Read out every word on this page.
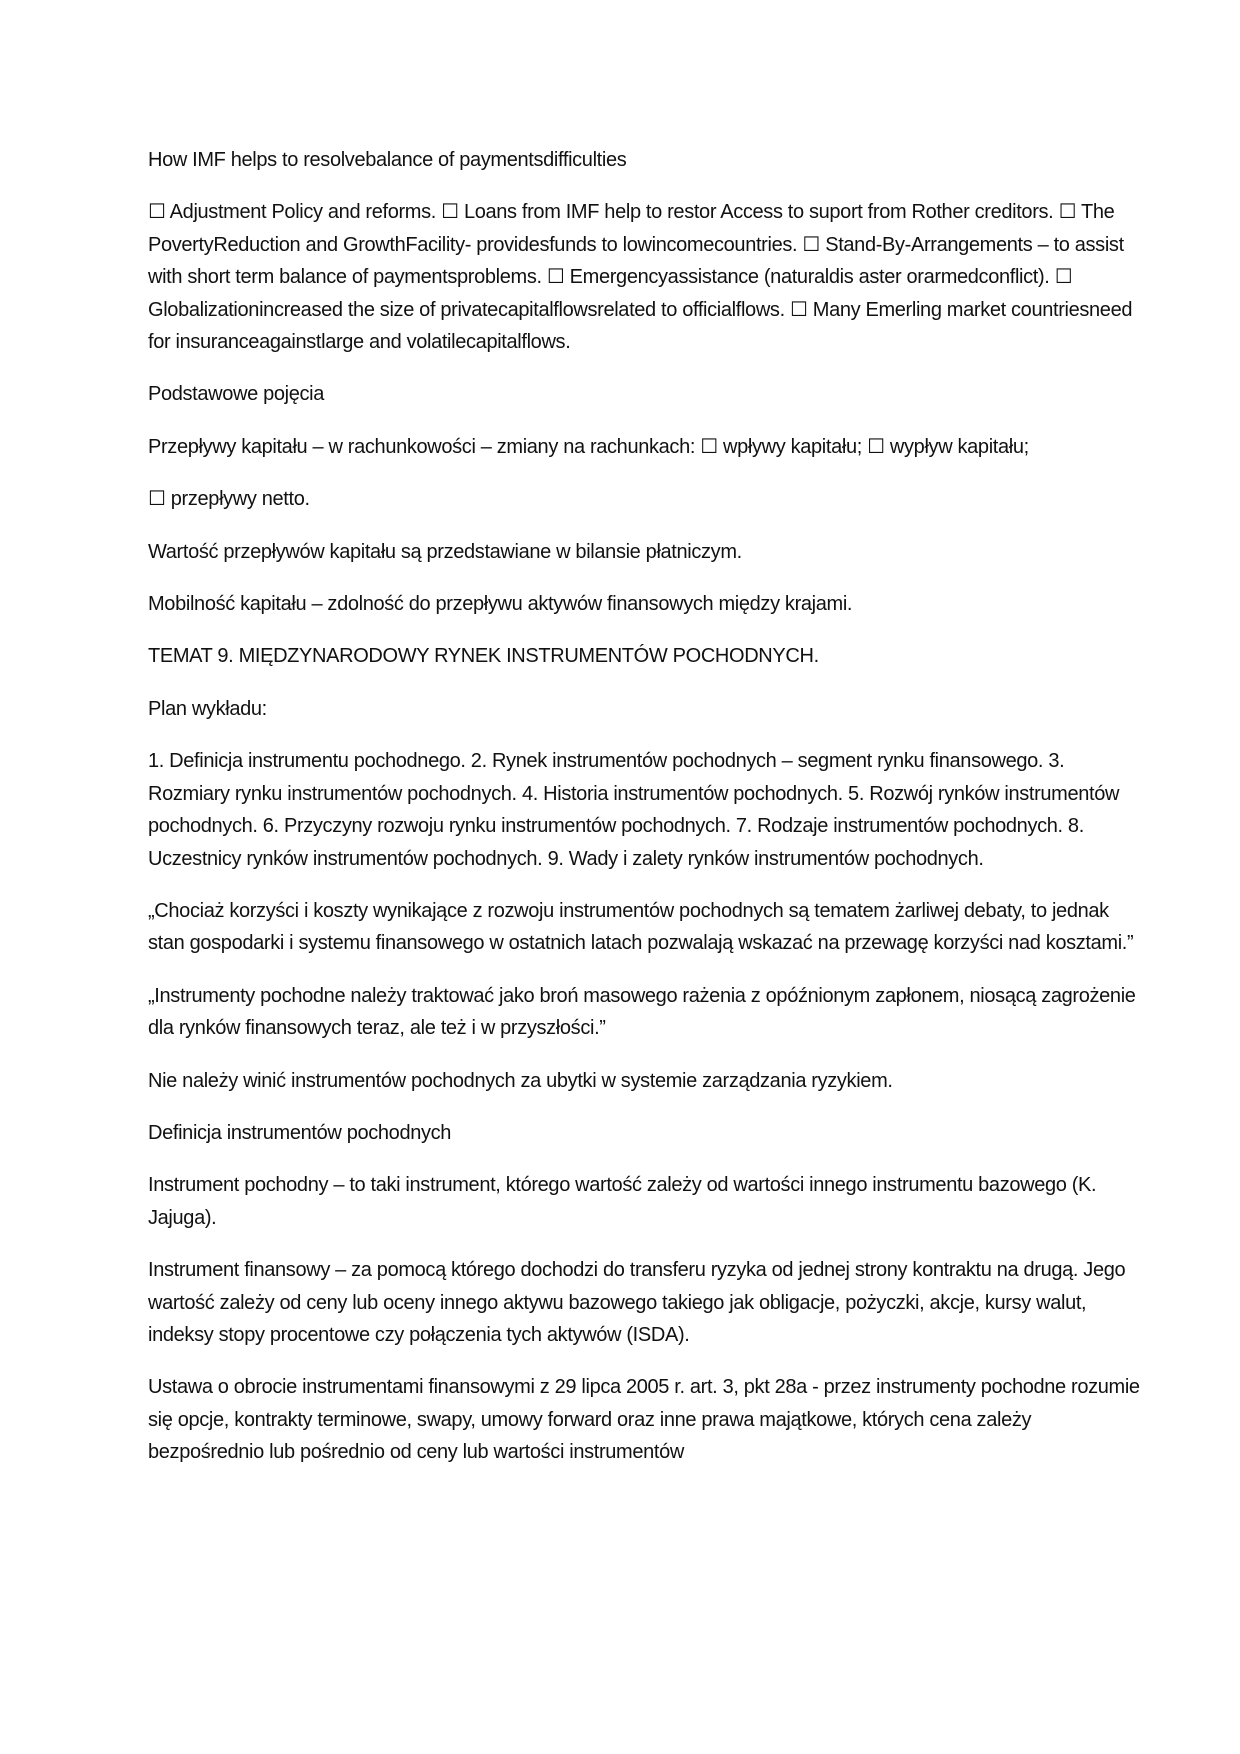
How IMF helps to resolvebalance of paymentsdifficulties

☐ Adjustment Policy and reforms. ☐ Loans from IMF help to restor Access to suport from Rother creditors. ☐ The PovertyReduction and GrowthFacility- providesfunds to lowincomecountries. ☐ Stand-By-Arrangements – to assist with short term balance of paymentsproblems. ☐ Emergencyassistance (naturaldis aster orarmedconflict). ☐ Globalizationincreased the size of privatecapitalflowsrelated to officialflows. ☐ Many Emerling market countriesneed for insuranceagainstlarge and volatilecapitalflows.

Podstawowe pojęcia

Przepływy kapitału – w rachunkowości – zmiany na rachunkach: ☐ wpływy kapitału; ☐ wypływ kapitału;

☐ przepływy netto.

Wartość przepływów kapitału są przedstawiane w bilansie płatniczym.

Mobilność kapitału – zdolność do przepływu aktywów finansowych między krajami.

TEMAT 9. MIĘDZYNARODOWY RYNEK INSTRUMENTÓW POCHODNYCH.

Plan wykładu:

1. Definicja instrumentu pochodnego. 2. Rynek instrumentów pochodnych – segment rynku finansowego. 3. Rozmiary rynku instrumentów pochodnych. 4. Historia instrumentów pochodnych. 5. Rozwój rynków instrumentów pochodnych. 6. Przyczyny rozwoju rynku instrumentów pochodnych. 7. Rodzaje instrumentów pochodnych. 8. Uczestnicy rynków instrumentów pochodnych. 9. Wady i zalety rynków instrumentów pochodnych.

„Chociaż korzyści i koszty wynikające z rozwoju instrumentów pochodnych są tematem żarliwej debaty, to jednak stan gospodarki i systemu finansowego w ostatnich latach pozwalają wskazać na przewagę korzyści nad kosztami.”

„Instrumenty pochodne należy traktować jako broń masowego rażenia z opóźnionym zapłonem, niosącą zagrożenie dla rynków finansowych teraz, ale też i w przyszłości.”

Nie należy winić instrumentów pochodnych za ubytki w systemie zarządzania ryzykiem.

Definicja instrumentów pochodnych

Instrument pochodny – to taki instrument, którego wartość zależy od wartości innego instrumentu bazowego (K. Jajuga).

Instrument finansowy – za pomocą którego dochodzi do transferu ryzyka od jednej strony kontraktu na drugą. Jego wartość zależy od ceny lub oceny innego aktywu bazowego takiego jak obligacje, pożyczki, akcje, kursy walut, indeksy stopy procentowe czy połączenia tych aktywów (ISDA).

Ustawa o obrocie instrumentami finansowymi z 29 lipca 2005 r. art. 3, pkt 28a - przez instrumenty pochodne rozumie się opcje, kontrakty terminowe, swapy, umowy forward oraz inne prawa majątkowe, których cena zależy bezpośrednio lub pośrednio od ceny lub wartości instrumentów
